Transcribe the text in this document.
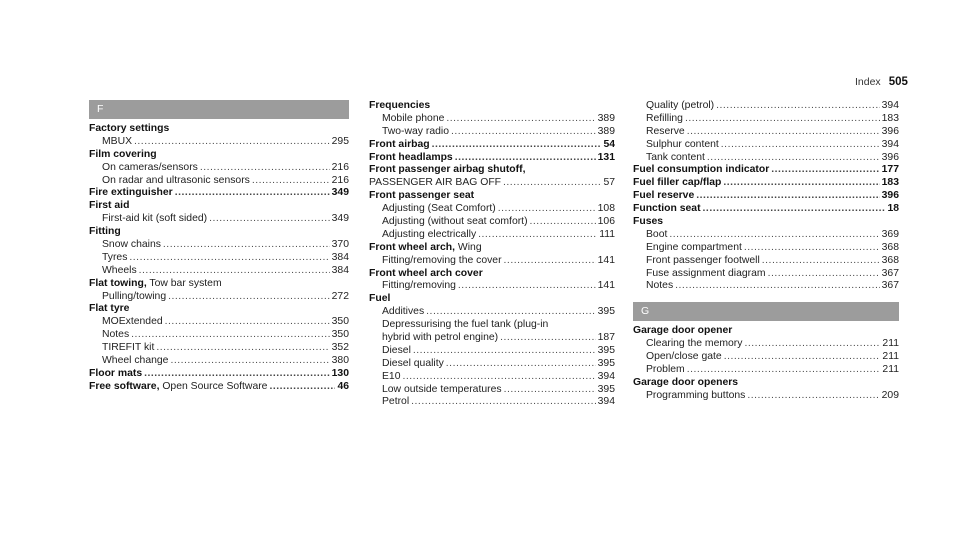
Index 505
F
Factory settings
MBUX .....	295
Film covering
On cameras/sensors .....	216
On radar and ultrasonic sensors .....	216
Fire extinguisher .....	349
First aid
First-aid kit (soft sided) .....	349
Fitting
Snow chains .....	370
Tyres .....	384
Wheels .....	384
Flat towing, Tow bar system
Pulling/towing .....	272
Flat tyre
MOExtended .....	350
Notes .....	350
TIREFIT kit .....	352
Wheel change .....	380
Floor mats .....	130
Free software, Open Source Software .....	46
Frequencies
Mobile phone .....	389
Two-way radio .....	389
Front airbag .....	54
Front headlamps .....	131
Front passenger airbag shutoff,
PASSENGER AIR BAG OFF .....	57
Front passenger seat
Adjusting (Seat Comfort) .....	108
Adjusting (without seat comfort) .....	106
Adjusting electrically .....	111
Front wheel arch, Wing
Fitting/removing the cover .....	141
Front wheel arch cover
Fitting/removing .....	141
Fuel
Additives .....	395
Depressurising the fuel tank (plug-in
hybrid with petrol engine) .....	187
Diesel .....	395
Diesel quality .....	395
E10 .....	394
Low outside temperatures .....	395
Petrol .....	394
Quality (petrol) .....	394
Refilling .....	183
Reserve .....	396
Sulphur content .....	394
Tank content .....	396
Fuel consumption indicator .....	177
Fuel filler cap/flap .....	183
Fuel reserve .....	396
Function seat .....	18
Fuses
Boot .....	369
Engine compartment .....	368
Front passenger footwell .....	368
Fuse assignment diagram .....	367
Notes .....	367
G
Garage door opener
Clearing the memory .....	211
Open/close gate .....	211
Problem .....	211
Garage door openers
Programming buttons .....	209
